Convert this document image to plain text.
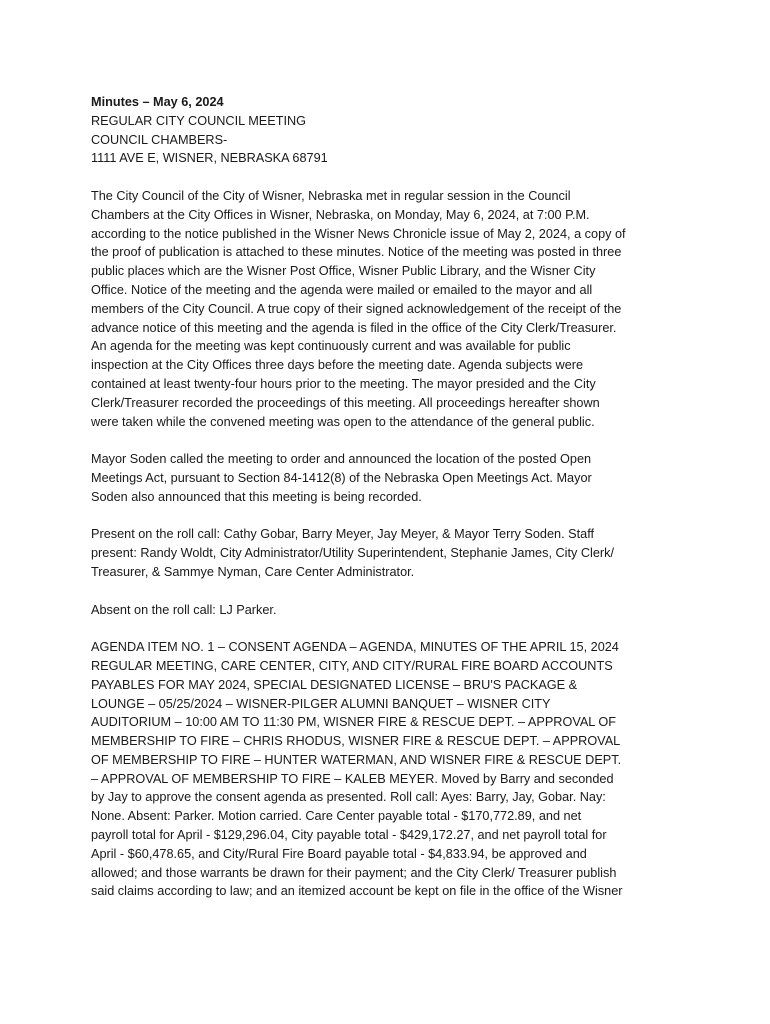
Minutes – May 6, 2024
REGULAR CITY COUNCIL MEETING
COUNCIL CHAMBERS-
1111 AVE E, WISNER, NEBRASKA 68791

The City Council of the City of Wisner, Nebraska met in regular session in the Council
Chambers at the City Offices in Wisner, Nebraska, on Monday, May 6, 2024, at 7:00 P.M.
according to the notice published in the Wisner News Chronicle issue of May 2, 2024, a copy of
the proof of publication is attached to these minutes. Notice of the meeting was posted in three
public places which are the Wisner Post Office, Wisner Public Library, and the Wisner City
Office. Notice of the meeting and the agenda were mailed or emailed to the mayor and all
members of the City Council. A true copy of their signed acknowledgement of the receipt of the
advance notice of this meeting and the agenda is filed in the office of the City Clerk/Treasurer.
An agenda for the meeting was kept continuously current and was available for public
inspection at the City Offices three days before the meeting date. Agenda subjects were
contained at least twenty-four hours prior to the meeting. The mayor presided and the City
Clerk/Treasurer recorded the proceedings of this meeting. All proceedings hereafter shown
were taken while the convened meeting was open to the attendance of the general public.

Mayor Soden called the meeting to order and announced the location of the posted Open
Meetings Act, pursuant to Section 84-1412(8) of the Nebraska Open Meetings Act. Mayor
Soden also announced that this meeting is being recorded.

Present on the roll call: Cathy Gobar, Barry Meyer, Jay Meyer, & Mayor Terry Soden. Staff
present: Randy Woldt, City Administrator/Utility Superintendent, Stephanie James, City Clerk/
Treasurer, & Sammye Nyman, Care Center Administrator.

Absent on the roll call: LJ Parker.

AGENDA ITEM NO. 1 – CONSENT AGENDA – AGENDA, MINUTES OF THE APRIL 15, 2024
REGULAR MEETING, CARE CENTER, CITY, AND CITY/RURAL FIRE BOARD ACCOUNTS
PAYABLES FOR MAY 2024, SPECIAL DESIGNATED LICENSE – BRU'S PACKAGE &
LOUNGE – 05/25/2024 – WISNER-PILGER ALUMNI BANQUET – WISNER CITY
AUDITORIUM – 10:00 AM TO 11:30 PM, WISNER FIRE & RESCUE DEPT. – APPROVAL OF
MEMBERSHIP TO FIRE – CHRIS RHODUS, WISNER FIRE & RESCUE DEPT. – APPROVAL
OF MEMBERSHIP TO FIRE – HUNTER WATERMAN, AND WISNER FIRE & RESCUE DEPT.
– APPROVAL OF MEMBERSHIP TO FIRE – KALEB MEYER. Moved by Barry and seconded
by Jay to approve the consent agenda as presented. Roll call: Ayes: Barry, Jay, Gobar. Nay:
None. Absent: Parker. Motion carried. Care Center payable total - $170,772.89, and net
payroll total for April - $129,296.04, City payable total - $429,172.27, and net payroll total for
April - $60,478.65, and City/Rural Fire Board payable total - $4,833.94, be approved and
allowed; and those warrants be drawn for their payment; and the City Clerk/ Treasurer publish
said claims according to law; and an itemized account be kept on file in the office of the Wisner
